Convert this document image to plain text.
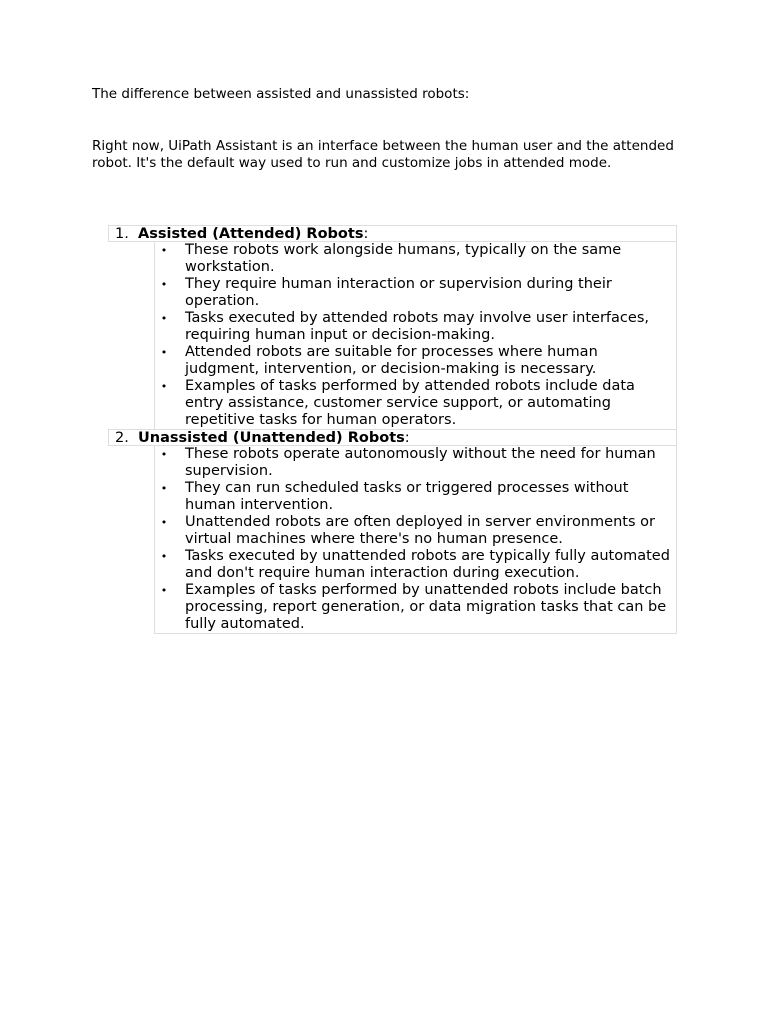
The difference between assisted and unassisted robots:

Right now, UiPath Assistant is an interface between the human user and the attended robot. It's the default way used to run and customize jobs in attended mode.

1. Assisted (Attended) Robots:
• These robots work alongside humans, typically on the same workstation.
• They require human interaction or supervision during their operation.
• Tasks executed by attended robots may involve user interfaces, requiring human input or decision-making.
• Attended robots are suitable for processes where human judgment, intervention, or decision-making is necessary.
• Examples of tasks performed by attended robots include data entry assistance, customer service support, or automating repetitive tasks for human operators.
2. Unassisted (Unattended) Robots:
• These robots operate autonomously without the need for human supervision.
• They can run scheduled tasks or triggered processes without human intervention.
• Unattended robots are often deployed in server environments or virtual machines where there's no human presence.
• Tasks executed by unattended robots are typically fully automated and don't require human interaction during execution.
• Examples of tasks performed by unattended robots include batch processing, report generation, or data migration tasks that can be fully automated.
